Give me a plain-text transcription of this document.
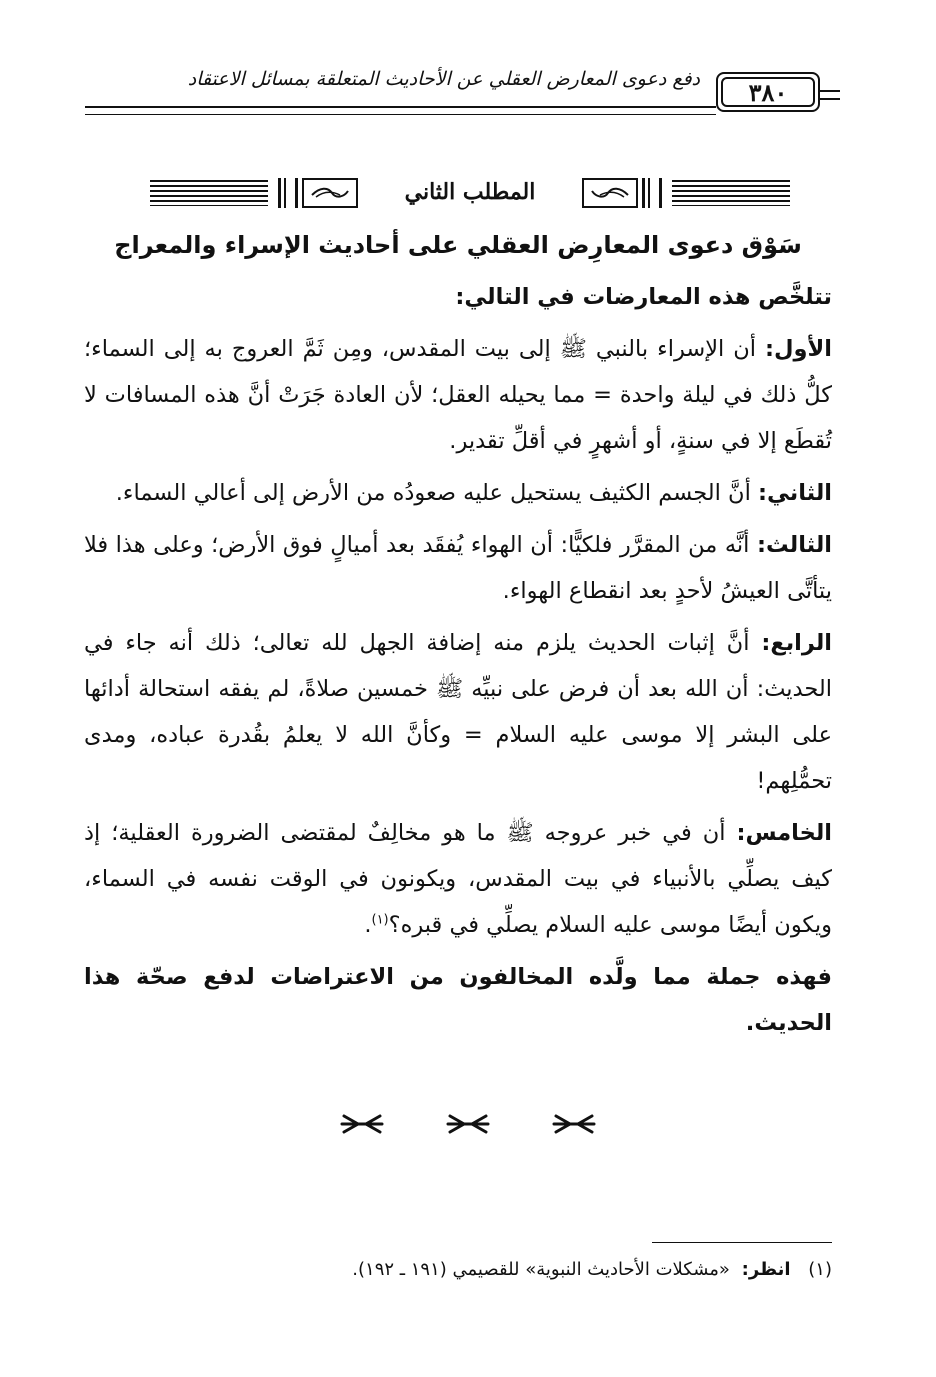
دفع دعوى المعارض العقلي عن الأحاديث المتعلقة بمسائل الاعتقاد ٣٨٠
المطلب الثاني

سَوْق دعوى المعارِض العقلي على أحاديث الإسراء والمعراج

تتلخَّص هذه المعارضات في التالي:

الأول: أن الإسراء بالنبي ﷺ إلى بيت المقدس، ومِن ثَمَّ العروج به إلى السماء؛ كلُّ ذلك في ليلة واحدة = مما يحيله العقل؛ لأن العادة جَرَتْ أنَّ هذه المسافات لا تُقطَع إلا في سنةٍ، أو أشهرٍ في أقلِّ تقدير.

الثاني: أنَّ الجسم الكثيف يستحيل عليه صعودُه من الأرض إلى أعالي السماء.

الثالث: أنَّه من المقرَّر فلكيًّا: أن الهواء يُفقَد بعد أميالٍ فوق الأرض؛ وعلى هذا فلا يتأتَّى العيشُ لأحدٍ بعد انقطاع الهواء.

الرابع: أنَّ إثبات الحديث يلزم منه إضافة الجهل لله تعالى؛ ذلك أنه جاء في الحديث: أن الله بعد أن فرض على نبيِّه ﷺ خمسين صلاةً، لم يفقه استحالة أدائها على البشر إلا موسى عليه السلام = وكأنَّ الله لا يعلمُ بقُدرة عباده، ومدى تحمُّلِهم!

الخامس: أن في خبر عروجه ﷺ ما هو مخالِفٌ لمقتضى الضرورة العقلية؛ إذ كيف يصلِّي بالأنبياء في بيت المقدس، ويكونون في الوقت نفسه في السماء، ويكون أيضًا موسى عليه السلام يصلِّي في قبره؟$^{(١)}$.

فهذه جملة مما ولَّده المخالفون من الاعتراضات لدفع صحّة هذا الحديث.

(١) انظر: «مشكلات الأحاديث النبوية» للقصيمي (١٩١ ـ ١٩٢).
